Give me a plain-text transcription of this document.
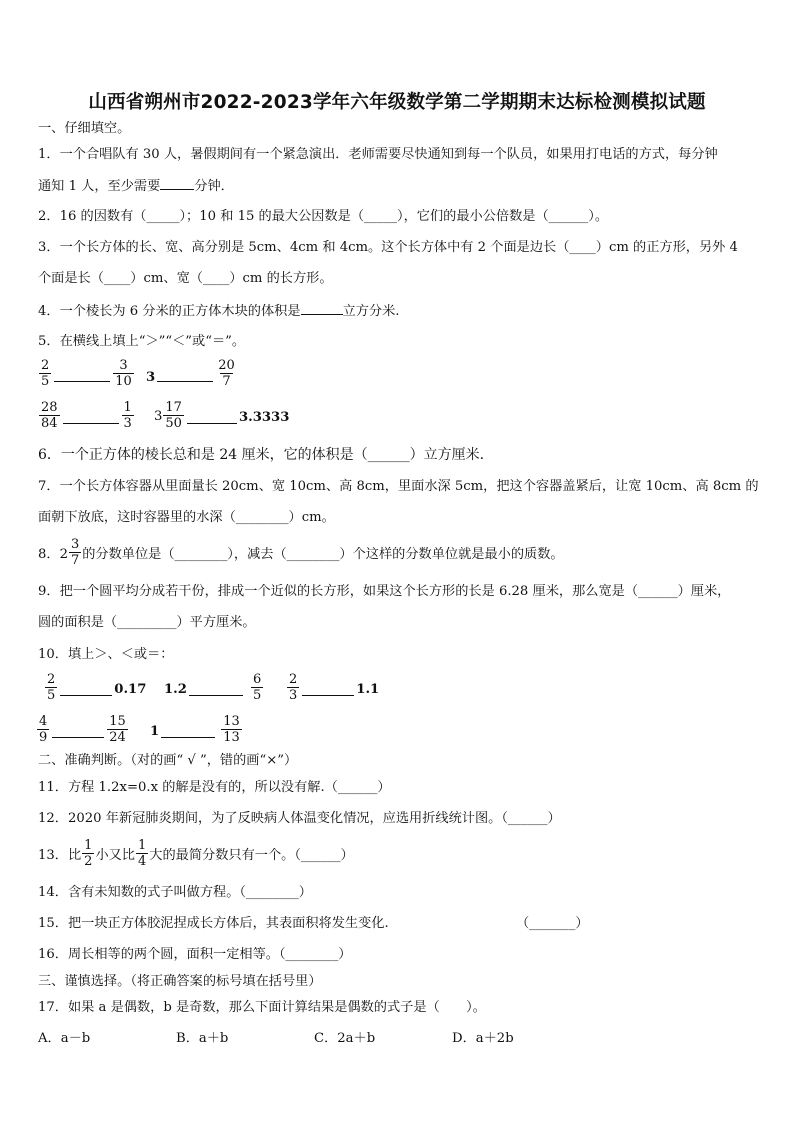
山西省朔州市2022-2023学年六年级数学第二学期期末达标检测模拟试题
一、仔细填空。
1．一个合唱队有 30 人，暑假期间有一个紧急演出．老师需要尽快通知到每一个队员，如果用打电话的方式，每分钟
通知 1 人，至少需要	分钟．
2．16 的因数有（_____）；10 和 15 的最大公因数是（_____），它们的最小公倍数是（______）。
3．一个长方体的长、宽、高分别是 5cm、4cm 和 4cm。这个长方体中有 2 个面是边长（____）cm 的正方形，另外 4
个面是长（____）cm、宽（____）cm 的长方形。
4．一个棱长为 6 分米的正方体木块的体积是	立方分米.
5．在横线上填上“＞”“＜”或“＝”。
$\frac{2}{5}$	$\frac{3}{10} 3$	$\frac{20}{7}$
$\frac{28}{84}$	$\frac{1}{3} 3 \frac{17}{50}$	3.3333
6．一个正方体的棱长总和是 24 厘米，它的体积是（______）立方厘米.
7．一个长方体容器从里面量长 20cm、宽 10cm、高 8cm，里面水深 5cm，把这个容器盖紧后，让宽 10cm、高 8cm 的
面朝下放底，这时容器里的水深（________）cm。
8．$2 \frac{3}{7}$ 的分数单位是（________），减去（________）个这样的分数单位就是最小的质数。
9．把一个圆平均分成若干份，排成一个近似的长方形，如果这个长方形的长是 6.28 厘米，那么宽是（______）厘米，
圆的面积是（_________）平方厘米。
10．填上＞、＜或＝：
$\frac{2}{5}$	0.17 1.2	$\frac{6}{5} \frac{2}{3}$	1.1
$\frac{4}{9}$	$\frac{15}{24} 1$	$\frac{13}{13}$
二、准确判断。（对的画“ √ ”，错的画“×”）
11．方程 1.2x=0.x 的解是没有的，所以没有解.（______）
12．2020 年新冠肺炎期间，为了反映病人体温变化情况，应选用折线统计图。（______）
13．比 $\frac{1}{2}$ 小又比 $\frac{1}{4}$ 大的最简分数只有一个。（______）
14．含有未知数的式子叫做方程。（________）
15．把一块正方体胶泥捏成长方体后，其表面积将发生变化.	（_______）
16．周长相等的两个圆，面积一定相等。（________）
三、谨慎选择。（将正确答案的标号填在括号里）
17．如果 a 是偶数，b 是奇数，那么下面计算结果是偶数的式子是（　　）。
A．a－b	B．a＋b	C．2a＋b	D．a＋2b
